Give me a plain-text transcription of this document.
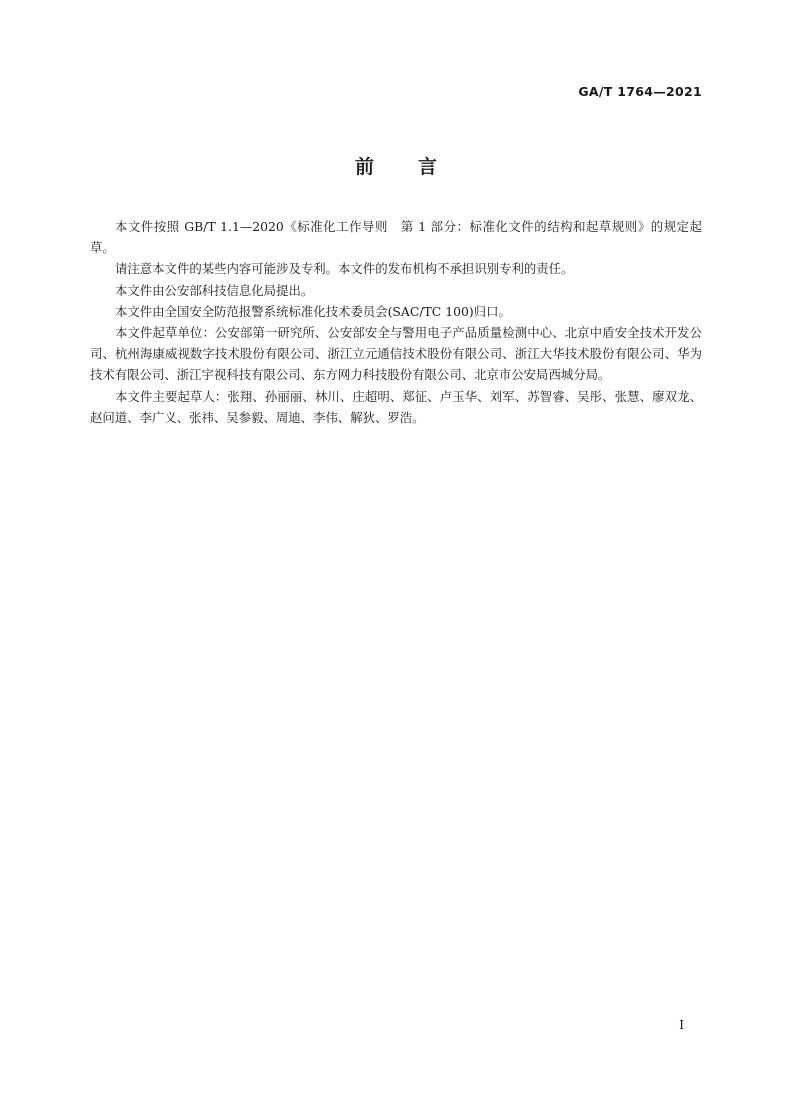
GA/T 1764—2021
前言

本文件按照 GB/T 1.1—2020《标准化工作导则　第 1 部分：标准化文件的结构和起草规则》的规定起草。

请注意本文件的某些内容可能涉及专利。本文件的发布机构不承担识别专利的责任。

本文件由公安部科技信息化局提出。

本文件由全国安全防范报警系统标准化技术委员会(SAC/TC 100)归口。

本文件起草单位：公安部第一研究所、公安部安全与警用电子产品质量检测中心、北京中盾安全技术开发公司、杭州海康威视数字技术股份有限公司、浙江立元通信技术股份有限公司、浙江大华技术股份有限公司、华为技术有限公司、浙江宇视科技有限公司、东方网力科技股份有限公司、北京市公安局西城分局。

本文件主要起草人：张翔、孙丽丽、林川、庄超明、郑征、卢玉华、刘军、苏智睿、吴彤、张慧、廖双龙、赵问道、李广义、张祎、吴参毅、周迪、李伟、解狄、罗浩。

I
